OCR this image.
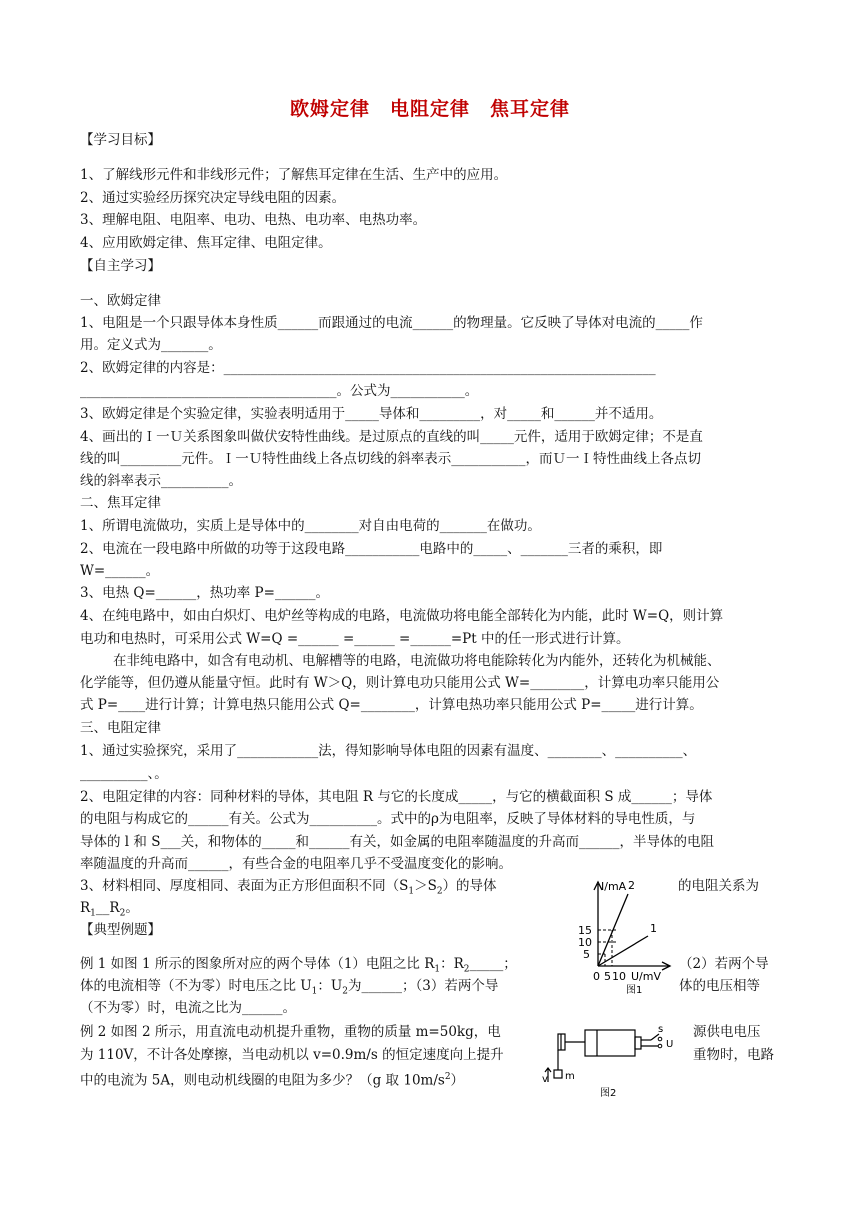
欧姆定律　电阻定律　焦耳定律
【学习目标】
1、了解线形元件和非线形元件；了解焦耳定律在生活、生产中的应用。
2、通过实验经历探究决定导线电阻的因素。
3、理解电阻、电阻率、电功、电热、电功率、电热功率。
4、应用欧姆定律、焦耳定律、电阻定律。
【自主学习】
一、欧姆定律
1、电阻是一个只跟导体本身性质______而跟通过的电流______的物理量。它反映了导体对电流的_____作
用。定义式为_______。
2、欧姆定律的内容是：________________________________________________________________
______________________________________。公式为___________。
3、欧姆定律是个实验定律，实验表明适用于_____导体和_________，对_____和______并不适用。
4、画出的Ｉ一Ｕ关系图象叫做伏安特性曲线。是过原点的直线的叫_____元件，适用于欧姆定律；不是直
线的叫_________元件。Ｉ一Ｕ特性曲线上各点切线的斜率表示___________，而Ｕ一Ｉ特性曲线上各点切
线的斜率表示__________。
二、焦耳定律
1、所谓电流做功，实质上是导体中的________对自由电荷的_______在做功。
2、电流在一段电路中所做的功等于这段电路___________电路中的_____、_______三者的乘积，即
W=______。
3、电热 Q=______，热功率 P=______。
4、在纯电路中，如由白炽灯、电炉丝等构成的电路，电流做功将电能全部转化为内能，此时 W=Q，则计算
电功和电热时，可采用公式 W=Q =______ =______ =______=Pt 中的任一形式进行计算。
在非纯电路中，如含有电动机、电解槽等的电路，电流做功将电能除转化为内能外，还转化为机械能、
化学能等，但仍遵从能量守恒。此时有 W＞Q，则计算电功只能用公式 W=________，计算电功率只能用公
式 P=____进行计算；计算电热只能用公式 Q=________，计算电热功率只能用公式 P=_____进行计算。
三、电阻定律
1、通过实验探究，采用了____________法，得知影响导体电阻的因素有温度、________、__________、
__________、。
2、电阻定律的内容：同种材料的导体，其电阻 R 与它的长度成_____，与它的横截面积 S 成______；导体
的电阻与构成它的______有关。公式为__________。式中的ρ为电阻率，反映了导体材料的导电性质，与
导体的 l 和 S___关，和物体的_____和______有关，如金属的电阻率随温度的升高而______，半导体的电阻
率随温度的升高而______，有些合金的电阻率几乎不受温度变化的影响。
3、材料相同、厚度相同、表面为正方形但面积不同$(S_1>S_2)$的导体	的电阻关系为
$R_1\_\_R_2$。
【典型例题】
例 1 如图 1 所示的图象所对应的两个导体（1）电阻之比 $R_1$：$R_2\_\_\_\_\_$；	（2）若两个导
体的电流相等（不为零）时电压之比 $U_1$：$U_2$为______；（3）若两个导	体的电压相等
（不为零）时，电流之比为______。
例 2 如图 2 所示，用直流电动机提升重物，重物的质量 m=50kg，电	源供电电压
为 110V，不计各处摩擦，当电动机以 v=0.9m/s 的恒定速度向上提升	重物时，电路
中的电流为 5A，则电动机线圈的电阻为多少？（g 取 $10m/s^2$）
I/mA
15
10
5
0 5 10 U/mV
2
1
图1
s
U
m
v
图2
